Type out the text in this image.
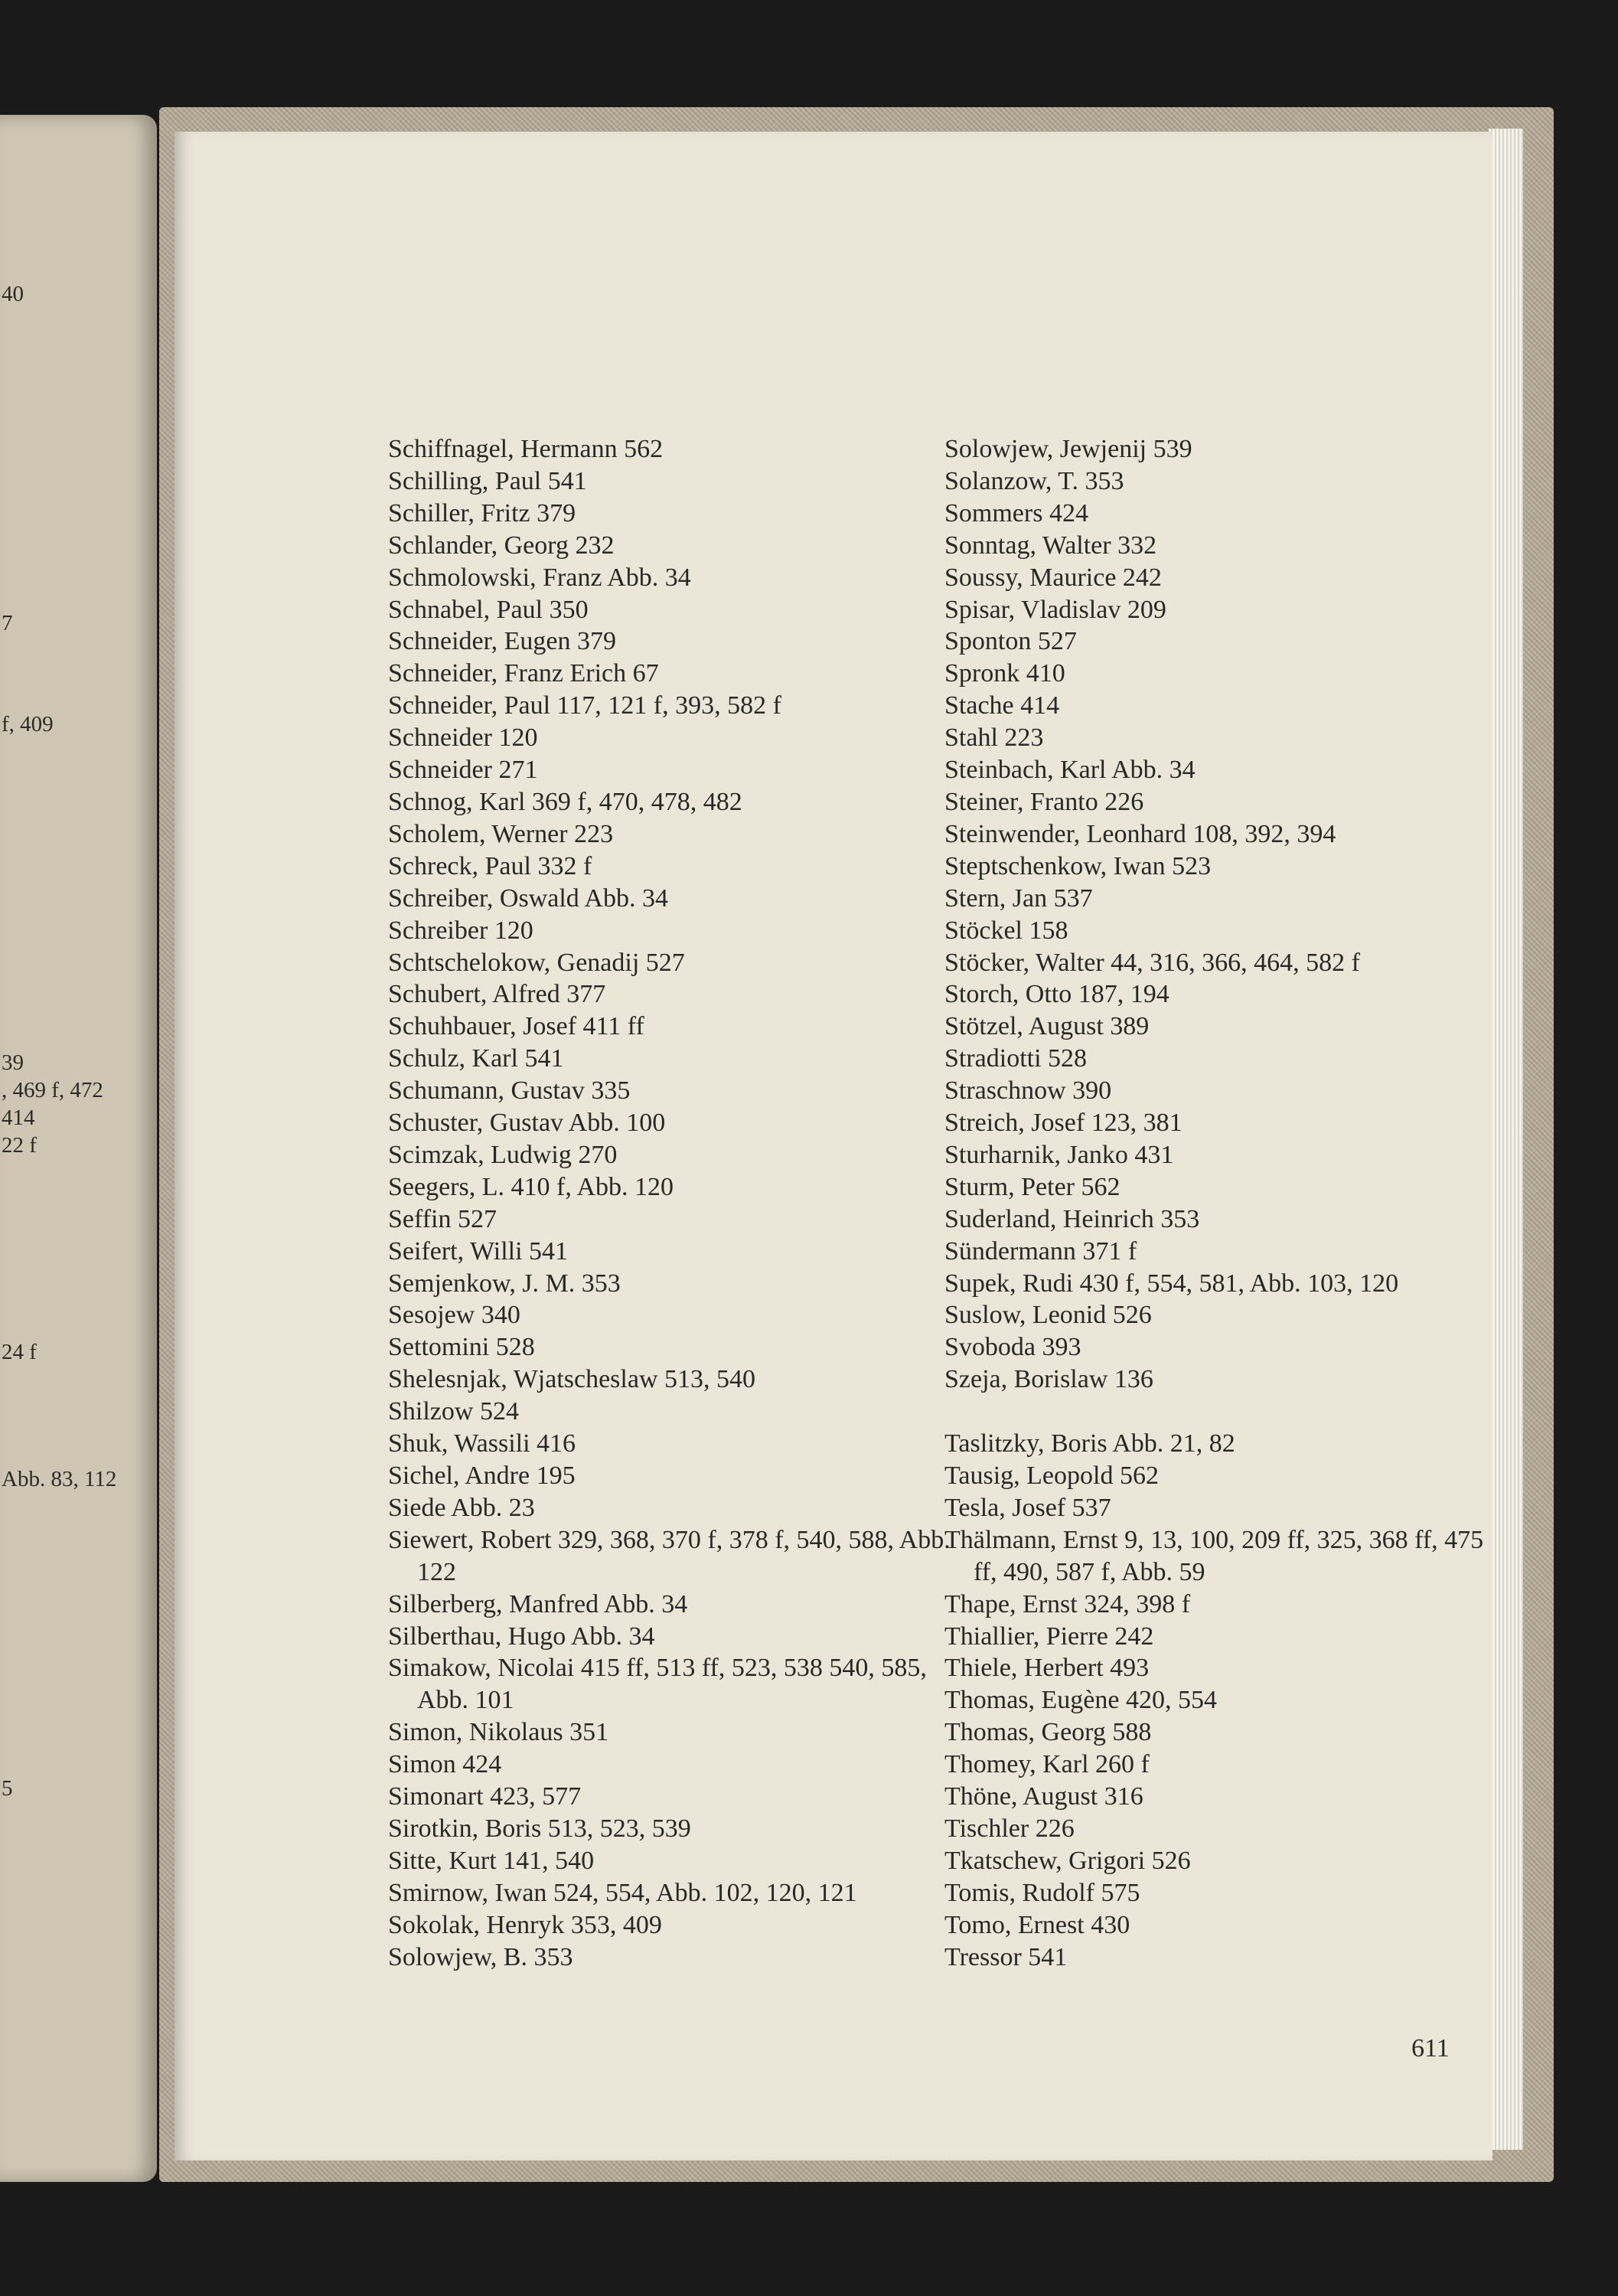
40
7
f, 409
39
, 469 f, 472
414
22 f
24 f
5
Abb. 83, 112

Schiffnagel, Hermann 562

Schilling, Paul 541

Schiller, Fritz 379

Schlander, Georg 232

Schmolowski, Franz Abb. 34

Schnabel, Paul 350

Schneider, Eugen 379

Schneider, Franz Erich 67

Schneider, Paul 117, 121 f, 393, 582 f

Schneider 120

Schneider 271

Schnog, Karl 369 f, 470, 478, 482

Scholem, Werner 223

Schreck, Paul 332 f

Schreiber, Oswald Abb. 34

Schreiber 120

Schtschelokow, Genadij 527

Schubert, Alfred 377

Schuhbauer, Josef 411 ff

Schulz, Karl 541

Schumann, Gustav 335

Schuster, Gustav Abb. 100

Scimzak, Ludwig 270

Seegers, L. 410 f, Abb. 120

Seffin 527

Seifert, Willi 541

Semjenkow, J. M. 353

Sesojew 340

Settomini 528

Shelesnjak, Wjatscheslaw 513, 540

Shilzow 524

Shuk, Wassili 416

Sichel, Andre 195

Siede Abb. 23

Siewert, Robert 329, 368, 370 f, 378 f, 540, 588, Abb. 122

Silberberg, Manfred Abb. 34

Silberthau, Hugo Abb. 34

Simakow, Nicolai 415 ff, 513 ff, 523, 538 540, 585, Abb. 101

Simon, Nikolaus 351

Simon 424

Simonart 423, 577

Sirotkin, Boris 513, 523, 539

Sitte, Kurt 141, 540

Smirnow, Iwan 524, 554, Abb. 102, 120, 121

Sokolak, Henryk 353, 409

Solowjew, B. 353

Solowjew, Jewjenij 539

Solanzow, T. 353

Sommers 424

Sonntag, Walter 332

Soussy, Maurice 242

Spisar, Vladislav 209

Sponton 527

Spronk 410

Stache 414

Stahl 223

Steinbach, Karl Abb. 34

Steiner, Franto 226

Steinwender, Leonhard 108, 392, 394

Steptschenkow, Iwan 523

Stern, Jan 537

Stöckel 158

Stöcker, Walter 44, 316, 366, 464, 582 f

Storch, Otto 187, 194

Stötzel, August 389

Stradiotti 528

Straschnow 390

Streich, Josef 123, 381

Sturharnik, Janko 431

Sturm, Peter 562

Suderland, Heinrich 353

Sündermann 371 f

Supek, Rudi 430 f, 554, 581, Abb. 103, 120

Suslow, Leonid 526

Svoboda 393

Szeja, Borislaw 136

Taslitzky, Boris Abb. 21, 82

Tausig, Leopold 562

Tesla, Josef 537

Thälmann, Ernst 9, 13, 100, 209 ff, 325, 368 ff, 475 ff, 490, 587 f, Abb. 59

Thape, Ernst 324, 398 f

Thiallier, Pierre 242

Thiele, Herbert 493

Thomas, Eugène 420, 554

Thomas, Georg 588

Thomey, Karl 260 f

Thöne, August 316

Tischler 226

Tkatschew, Grigori 526

Tomis, Rudolf 575

Tomo, Ernest 430

Tressor 541

611
